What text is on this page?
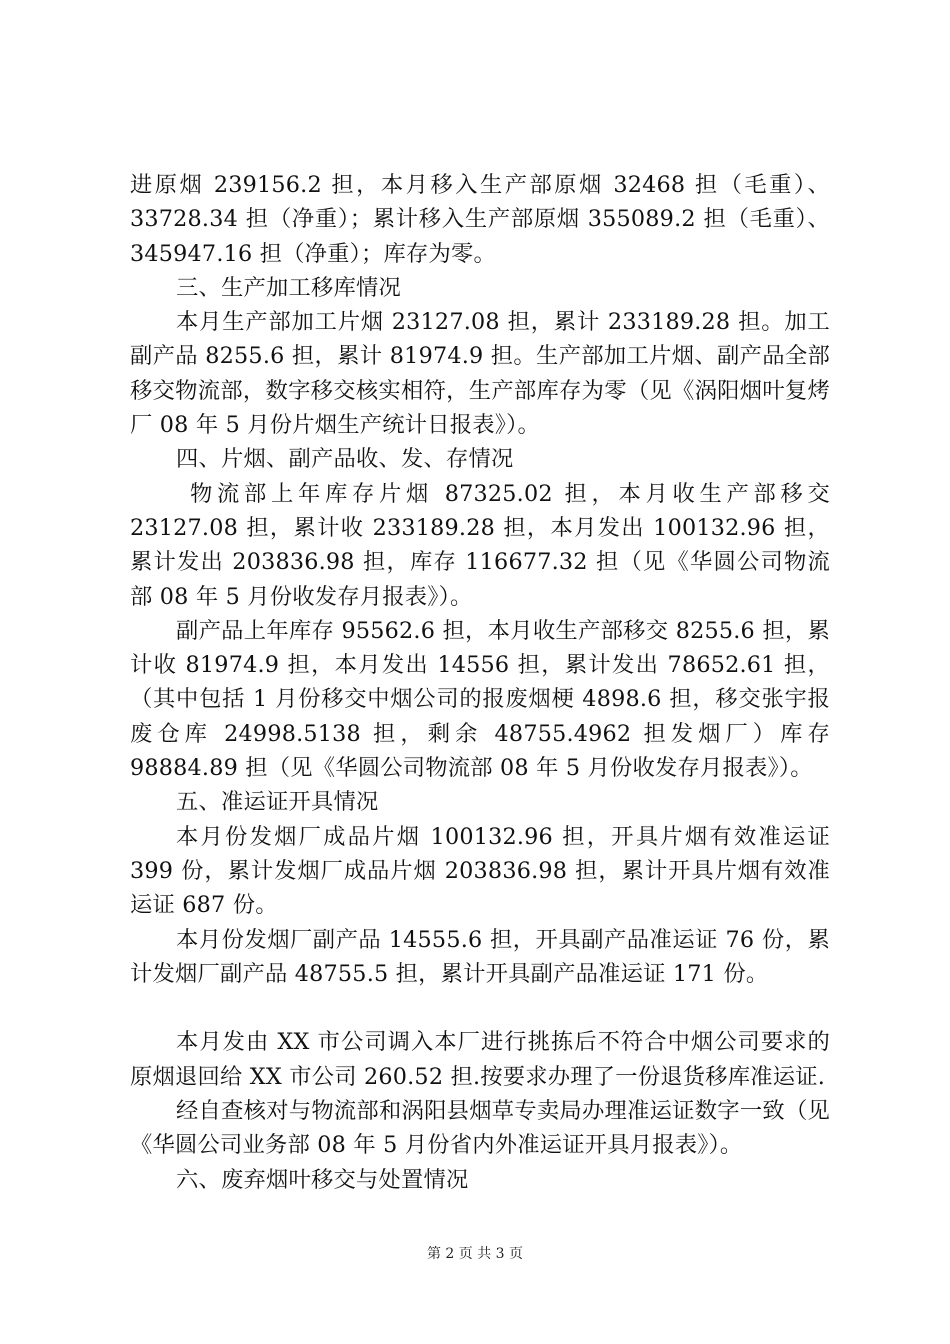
进原烟 239156.2 担，本月移入生产部原烟 32468 担（毛重）、33728.34 担（净重）；累计移入生产部原烟 355089.2 担（毛重）、345947.16 担（净重）；库存为零。

三、生产加工移库情况

本月生产部加工片烟 23127.08 担，累计 233189.28 担。加工副产品 8255.6 担，累计 81974.9 担。生产部加工片烟、副产品全部移交物流部，数字移交核实相符，生产部库存为零（见《涡阳烟叶复烤厂 08 年 5 月份片烟生产统计日报表》）。

四、片烟、副产品收、发、存情况

物流部上年库存片烟 87325.02 担，本月收生产部移交 23127.08 担，累计收 233189.28 担，本月发出 100132.96 担，累计发出 203836.98 担，库存 116677.32 担（见《华圆公司物流部 08 年 5 月份收发存月报表》）。

副产品上年库存 95562.6 担，本月收生产部移交 8255.6 担，累计收 81974.9 担，本月发出 14556 担，累计发出 78652.61 担，（其中包括 1 月份移交中烟公司的报废烟梗 4898.6 担，移交张宇报废仓库 24998.5138 担，剩余 48755.4962 担发烟厂）库存 98884.89 担（见《华圆公司物流部 08 年 5 月份收发存月报表》）。

五、准运证开具情况

本月份发烟厂成品片烟 100132.96 担，开具片烟有效准运证 399 份，累计发烟厂成品片烟 203836.98 担，累计开具片烟有效准运证 687 份。

本月份发烟厂副产品 14555.6 担，开具副产品准运证 76 份，累计发烟厂副产品 48755.5 担，累计开具副产品准运证 171 份。

本月发由 XX 市公司调入本厂进行挑拣后不符合中烟公司要求的原烟退回给 XX 市公司 260.52 担.按要求办理了一份退货移库准运证.

经自查核对与物流部和涡阳县烟草专卖局办理准运证数字一致（见《华圆公司业务部 08 年 5 月份省内外准运证开具月报表》）。

六、废弃烟叶移交与处置情况

第 2 页 共 3 页
